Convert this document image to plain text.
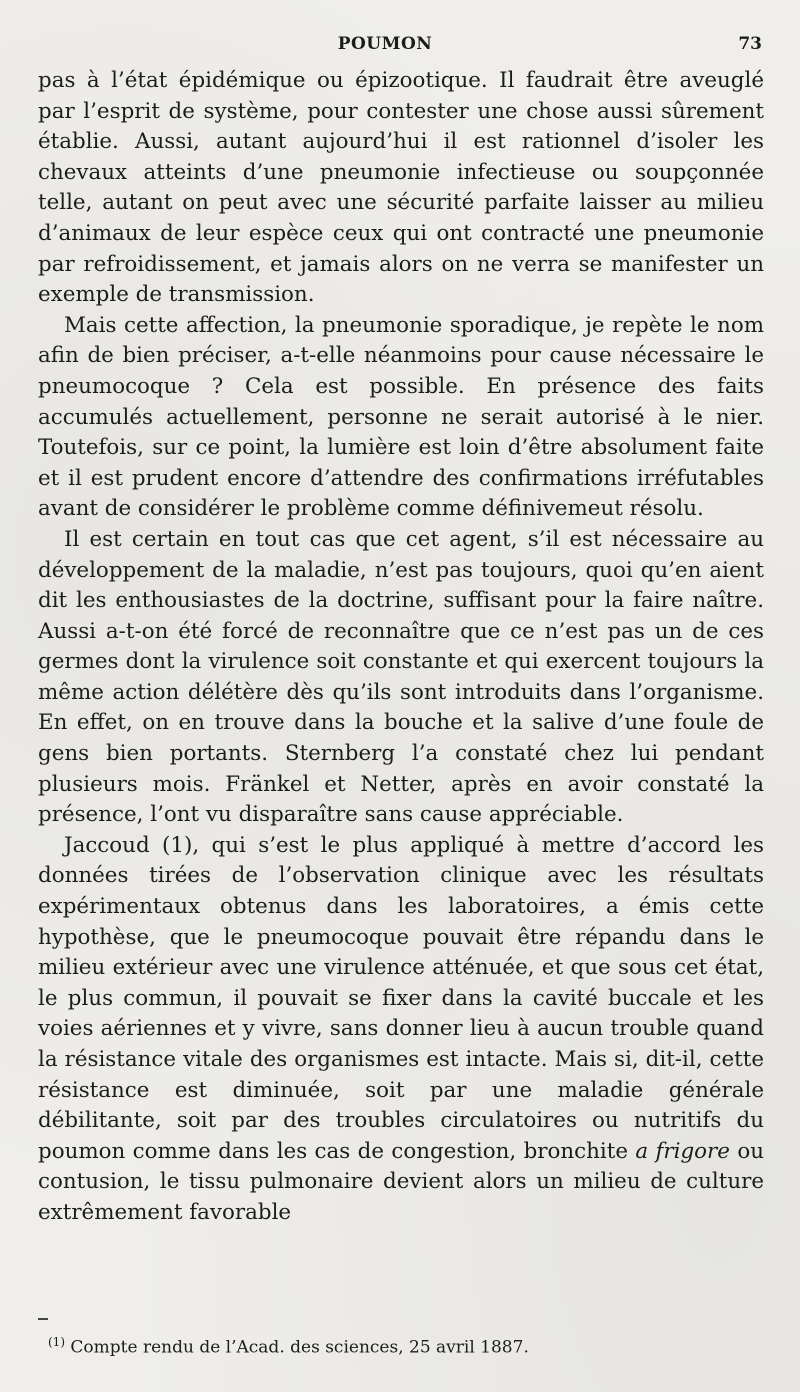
POUMON	73

pas à l’état épidémique ou épizootique. Il faudrait être aveuglé par l’esprit de système, pour contester une chose aussi sûrement établie. Aussi, autant aujourd’hui il est rationnel d’isoler les chevaux atteints d’une pneumonie infectieuse ou soupçonnée telle, autant on peut avec une sécurité parfaite laisser au milieu d’animaux de leur espèce ceux qui ont contracté une pneumonie par refroidissement, et jamais alors on ne verra se manifester un exemple de transmission.

Mais cette affection, la pneumonie sporadique, je repète le nom afin de bien préciser, a-t-elle néanmoins pour cause nécessaire le pneumocoque ? Cela est possible. En présence des faits accumulés actuellement, personne ne serait autorisé à le nier. Toutefois, sur ce point, la lumière est loin d’être absolument faite et il est prudent encore d’attendre des confirmations irréfutables avant de considérer le problème comme définivemeut résolu.

Il est certain en tout cas que cet agent, s’il est nécessaire au développement de la maladie, n’est pas toujours, quoi qu’en aient dit les enthousiastes de la doctrine, suffisant pour la faire naître. Aussi a-t-on été forcé de reconnaître que ce n’est pas un de ces germes dont la virulence soit constante et qui exercent toujours la même action délétère dès qu’ils sont introduits dans l’organisme. En effet, on en trouve dans la bouche et la salive d’une foule de gens bien portants. Sternberg l’a constaté chez lui pendant plusieurs mois. Fränkel et Netter, après en avoir constaté la présence, l’ont vu disparaître sans cause appréciable.

Jaccoud (1), qui s’est le plus appliqué à mettre d’accord les données tirées de l’observation clinique avec les résultats expérimentaux obtenus dans les laboratoires, a émis cette hypothèse, que le pneumocoque pouvait être répandu dans le milieu extérieur avec une virulence atténuée, et que sous cet état, le plus commun, il pouvait se fixer dans la cavité buccale et les voies aériennes et y vivre, sans donner lieu à aucun trouble quand la résistance vitale des organismes est intacte. Mais si, dit-il, cette résistance est diminuée, soit par une maladie générale débilitante, soit par des troubles circulatoires ou nutritifs du poumon comme dans les cas de congestion, bronchite a frigore ou contusion, le tissu pulmonaire devient alors un milieu de culture extrêmement favorable

$^{(1)}$ Compte rendu de l’Acad. des sciences, 25 avril 1887.
